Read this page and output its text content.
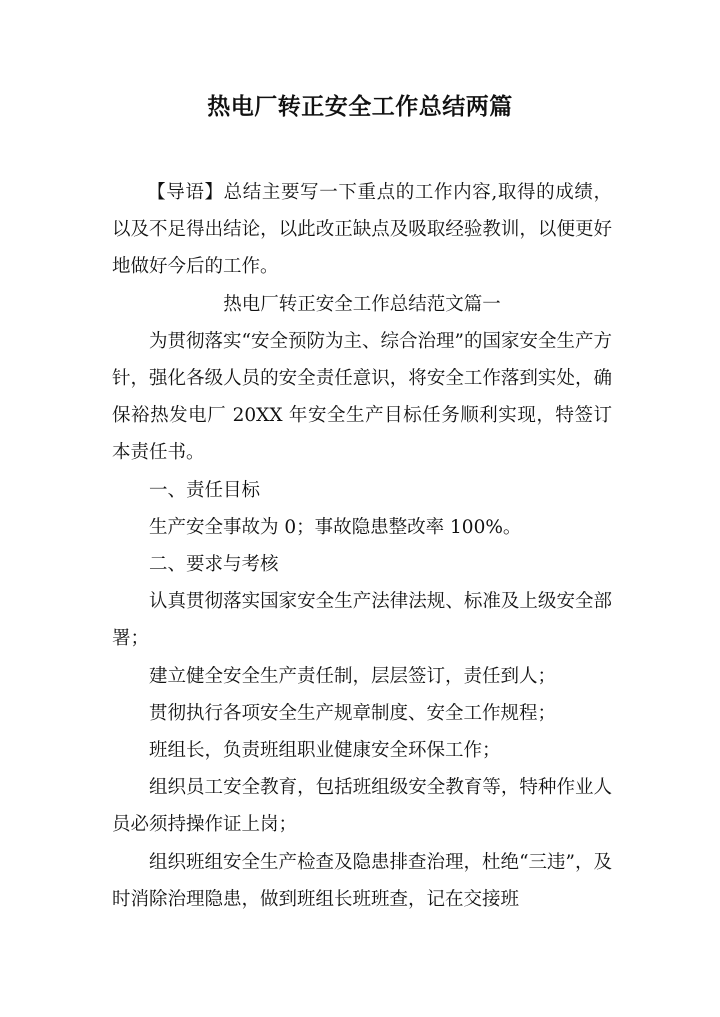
热电厂转正安全工作总结两篇

【导语】总结主要写一下重点的工作内容,取得的成绩，以及不足得出结论，以此改正缺点及吸取经验教训，以便更好地做好今后的工作。

热电厂转正安全工作总结范文篇一

为贯彻落实“安全预防为主、综合治理”的国家安全生产方针，强化各级人员的安全责任意识，将安全工作落到实处，确保裕热发电厂 20XX 年安全生产目标任务顺利实现，特签订本责任书。

一、责任目标

生产安全事故为 0；事故隐患整改率 100%。

二、要求与考核

认真贯彻落实国家安全生产法律法规、标准及上级安全部署；

建立健全安全生产责任制，层层签订，责任到人；

贯彻执行各项安全生产规章制度、安全工作规程；

班组长，负责班组职业健康安全环保工作；

组织员工安全教育，包括班组级安全教育等，特种作业人员必须持操作证上岗；

组织班组安全生产检查及隐患排查治理，杜绝“三违”，及时消除治理隐患，做到班组长班班查，记在交接班
